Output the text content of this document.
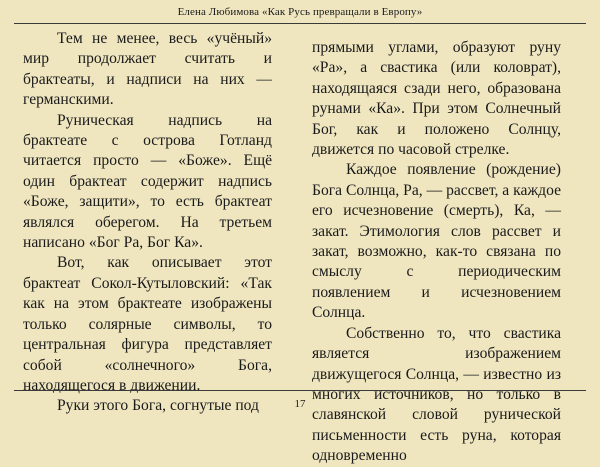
Елена Любимова «Как Русь превращали в Европу»

Тем не менее, весь «учёный» мир продолжает считать и брактеаты, и надписи на них — германскими.

Руническая надпись на брактеате с острова Готланд читается просто — «Боже». Ещё один брактеат содержит надпись «Боже, защити», то есть брактеат являлся оберегом. На третьем написано «Бог Ра, Бог Ка».

Вот, как описывает этот брактеат Сокол-Кутыловский: «Так как на этом брактеате изображены только солярные символы, то центральная фигура представляет собой «солнечного» Бога, находящегося в движении.

Руки этого Бога, согнутые под

прямыми углами, образуют руну «Ра», а свастика (или коловрат), находящаяся сзади него, образована рунами «Ка». При этом Солнечный Бог, как и положено Солнцу, движется по часовой стрелке.

Каждое появление (рождение) Бога Солнца, Ра, — рассвет, а каждое его исчезновение (смерть), Ка, — закат. Этимология слов рассвет и закат, возможно, как-то связана по смыслу с периодическим появлением и исчезновением Солнца.

Собственно то, что свастика является изображением движущегося Солнца, — известно из многих источников, но только в славянской словой рунической письменности есть руна, которая одновременно

17
